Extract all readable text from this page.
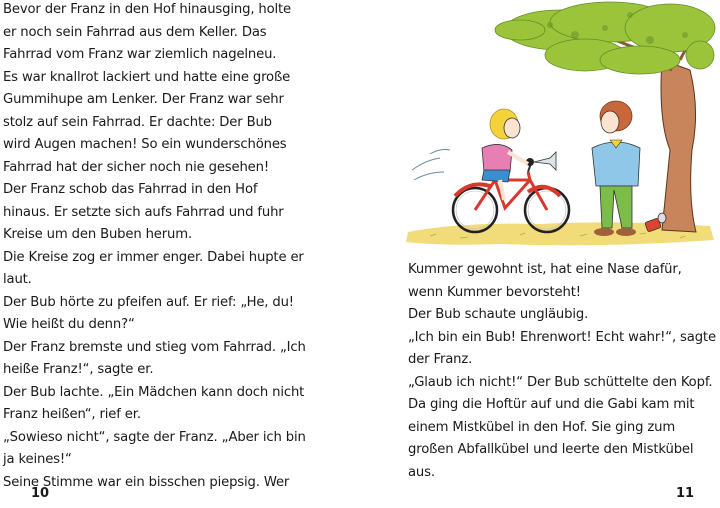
Bevor der Franz in den Hof hinausging, holte
er noch sein Fahrrad aus dem Keller. Das
Fahrrad vom Franz war ziemlich nagelneu.
Es war knallrot lackiert und hatte eine große
Gummihupe am Lenker. Der Franz war sehr
stolz auf sein Fahrrad. Er dachte: Der Bub
wird Augen machen! So ein wunderschönes
Fahrrad hat der sicher noch nie gesehen!
Der Franz schob das Fahrrad in den Hof
hinaus. Er setzte sich aufs Fahrrad und fuhr
Kreise um den Buben herum.
Die Kreise zog er immer enger. Dabei hupte er
laut.
Der Bub hörte zu pfeifen auf. Er rief: „He, du!
Wie heißt du denn?“
Der Franz bremste und stieg vom Fahrrad. „Ich
heiße Franz!“, sagte er.
Der Bub lachte. „Ein Mädchen kann doch nicht
Franz heißen“, rief er.
„Sowieso nicht“, sagte der Franz. „Aber ich bin
ja keines!“
Seine Stimme war ein bisschen piepsig. Wer
10
Kummer gewohnt ist, hat eine Nase dafür,
wenn Kummer bevorsteht!
Der Bub schaute ungläubig.
„Ich bin ein Bub! Ehrenwort! Echt wahr!“, sagte
der Franz.
„Glaub ich nicht!“ Der Bub schüttelte den Kopf.
Da ging die Hoftür auf und die Gabi kam mit
einem Mistkübel in den Hof. Sie ging zum
großen Abfallkübel und leerte den Mistkübel
aus.
11
